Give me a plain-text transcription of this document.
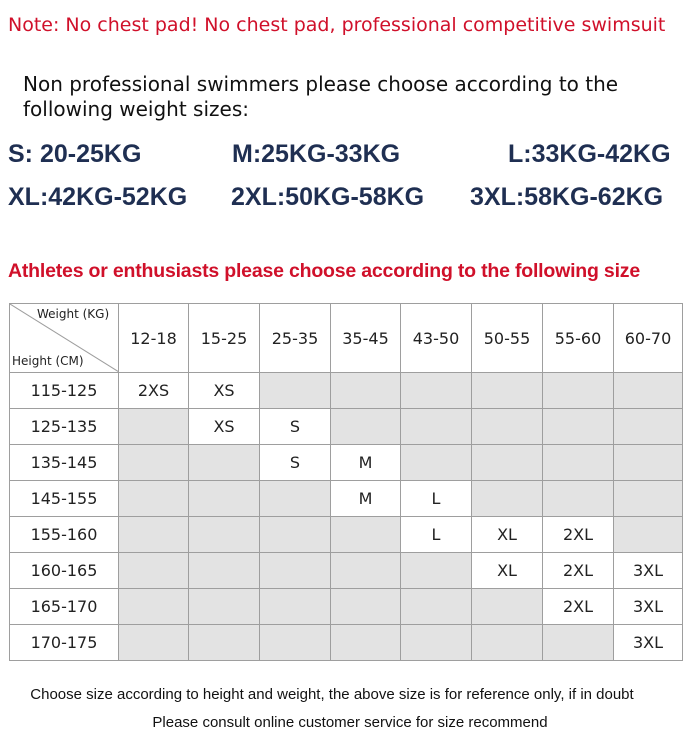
Note: No chest pad! No chest pad, professional competitive swimsuit
Non professional swimmers please choose according to the following weight sizes:
S: 20-25KG	M:25KG-33KG	L:33KG-42KG
XL:42KG-52KG 2XL:50KG-58KG 3XL:58KG-62KG
Athletes or enthusiasts please choose according to the following size
Weight (KG)
Height (CM)	12-18	15-25	25-35	35-45	43-50	50-55	55-60	60-70
115-125	2XS	XS						
125-135		XS	S					
135-145			S	M				
145-155				M	L			
155-160					L	XL	2XL	
160-165						XL	2XL	3XL
165-170							2XL	3XL
170-175								3XL
Choose size according to height and weight, the above size is for reference only, if in doubt
Please consult online customer service for size recommend
